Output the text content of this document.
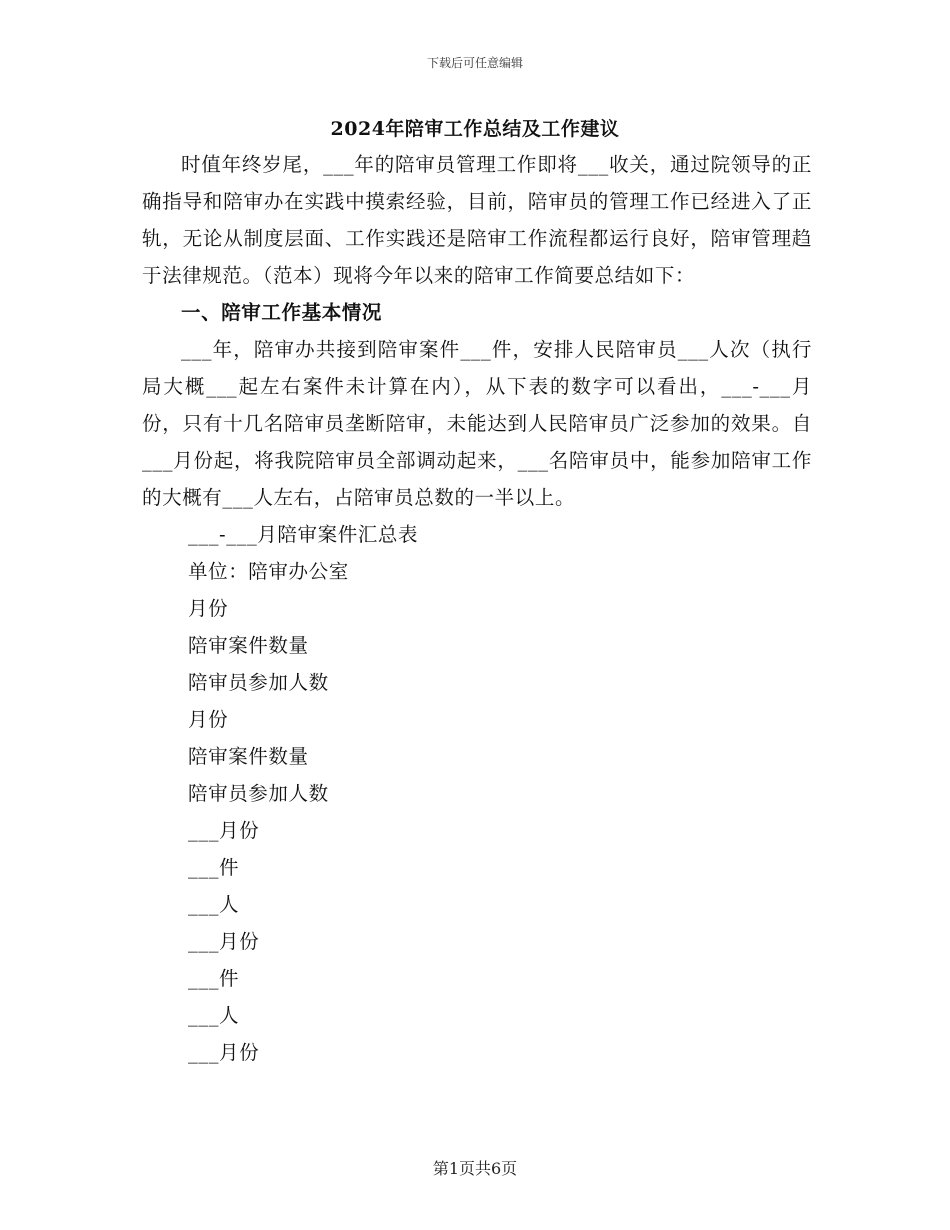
下载后可任意编辑
2024年陪审工作总结及工作建议

时值年终岁尾，___年的陪审员管理工作即将___收关，通过院领导的正确指导和陪审办在实践中摸索经验，目前，陪审员的管理工作已经进入了正轨，无论从制度层面、工作实践还是陪审工作流程都运行良好，陪审管理趋于法律规范。（范本）现将今年以来的陪审工作简要总结如下：

一、陪审工作基本情况

___年，陪审办共接到陪审案件___件，安排人民陪审员___人次（执行局大概___起左右案件未计算在内），从下表的数字可以看出，___-___月份，只有十几名陪审员垄断陪审，未能达到人民陪审员广泛参加的效果。自___月份起，将我院陪审员全部调动起来，___名陪审员中，能参加陪审工作的大概有___人左右，占陪审员总数的一半以上。

___-___月陪审案件汇总表

单位：陪审办公室

月份

陪审案件数量

陪审员参加人数

月份

陪审案件数量

陪审员参加人数

___月份

___件

___人

___月份

___件

___人

___月份

第1页共6页
